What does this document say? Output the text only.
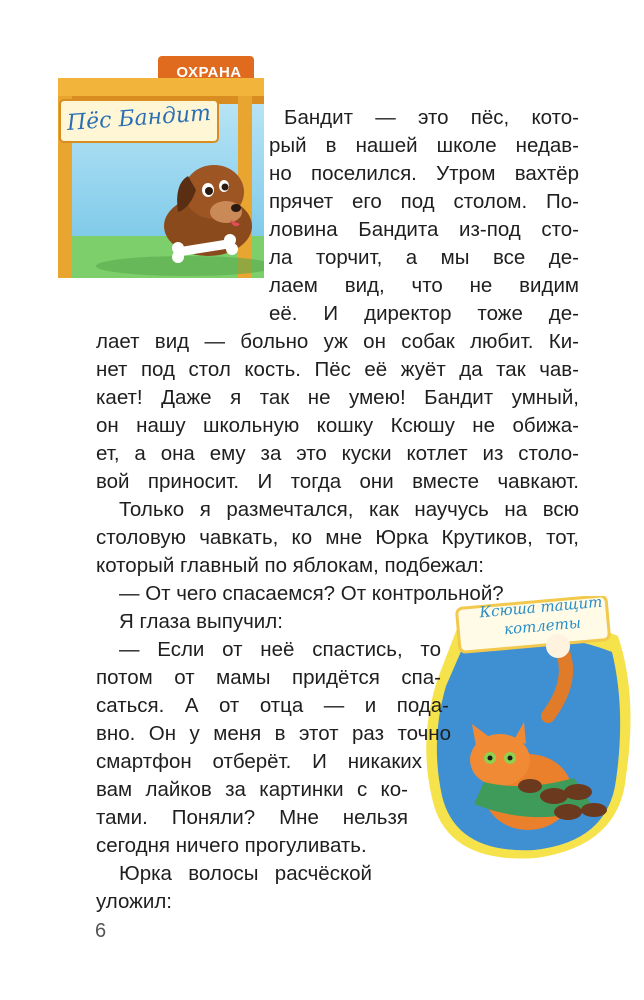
ОХРАНА
Пёс Бандит
Ксюша тащит котлеты
Бандит — это пёс, кото-
рый в нашей школе недав-
но поселился. Утром вахтёр
прячет его под столом. По-
ловина Бандита из-под сто-
ла торчит, а мы все де-
лаем вид, что не видим
её. И директор тоже де-
лает вид — больно уж он собак любит. Ки-
нет под стол кость. Пёс её жуёт да так чав-
кает! Даже я так не умею! Бандит умный,
он нашу школьную кошку Ксюшу не обижа-
ет, а она ему за это куски котлет из столо-
вой приносит. И тогда они вместе чавкают.
Только я размечтался, как научусь на всю
столовую чавкать, ко мне Юрка Крутиков, тот,
который главный по яблокам, подбежал:
— От чего спасаемся? От контрольной?
Я глаза выпучил:
— Если от неё спастись, то
потом от мамы придётся спа-
саться. А от отца — и пода-
вно. Он у меня в этот раз точно
смартфон отберёт. И никаких
вам лайков за картинки с ко-
тами. Поняли? Мне нельзя
сегодня ничего прогуливать.
Юрка волосы расчёской
уложил:
6
